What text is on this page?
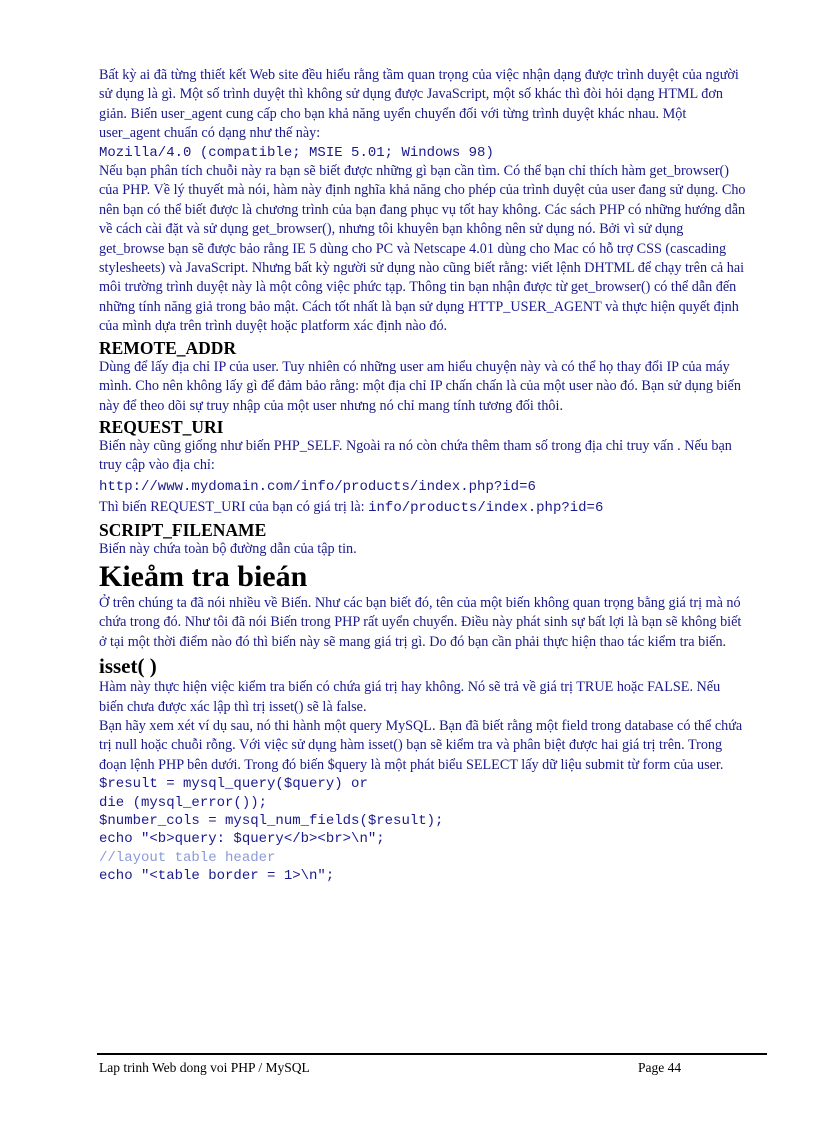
Bất kỳ ai đã từng thiết kết Web site đều hiểu rằng tầm quan trọng của việc nhận dạng được trình duyệt của người sử dụng là gì. Một số trình duyệt thì không sử dụng được JavaScript, một số khác thì đòi hỏi dạng HTML đơn giản. Biến user_agent cung cấp cho bạn khả năng uyển chuyển đối với từng trình duyệt khác nhau. Một user_agent chuẩn có dạng như thế này:

Mozilla/4.0 (compatible; MSIE 5.01; Windows 98)

Nếu bạn phân tích chuỗi này ra bạn sẽ biết được những gì bạn cần tìm. Có thể bạn chỉ thích hàm get_browser() của PHP. Về lý thuyết mà nói, hàm này định nghĩa khả năng cho phép của trình duyệt của user đang sử dụng. Cho nên bạn có thể biết được là chương trình của bạn đang phục vụ tốt hay không. Các sách PHP có những hướng dẫn về cách cài đặt và sử dụng get_browser(), nhưng tôi khuyên bạn không nên sử dụng nó. Bởi vì sử dụng get_browse bạn sẽ được bảo rằng IE 5 dùng cho PC và Netscape 4.01 dùng cho Mac có hỗ trợ CSS (cascading stylesheets) và JavaScript. Nhưng bất kỳ người sử dụng nào cũng biết rằng: viết lệnh DHTML để chạy trên cả hai môi trường trình duyệt này là một công việc phức tạp. Thông tin bạn nhận được từ get_browser() có thể dẫn đến những tính năng giả trong bảo mật. Cách tốt nhất là bạn sử dụng HTTP_USER_AGENT và thực hiện quyết định của mình dựa trên trình duyệt hoặc platform xác định nào đó.

REMOTE_ADDR

Dùng để lấy địa chỉ IP của user. Tuy nhiên có những user am hiểu chuyện này và có thể họ thay đổi IP của máy mình. Cho nên không lấy gì để đảm bảo rằng: một địa chỉ IP chấn chấn là của một user nào đó. Bạn sử dụng biến này để theo dõi sự truy nhập của một user nhưng nó chỉ mang tính tương đối thôi.

REQUEST_URI

Biến này cũng giống như biến PHP_SELF. Ngoài ra nó còn chứa thêm tham số trong địa chỉ truy vấn . Nếu bạn truy cập vào địa chỉ:

http://www.mydomain.com/info/products/index.php?id=6

Thì biến REQUEST_URI của bạn có giá trị là: info/products/index.php?id=6

SCRIPT_FILENAME

Biến này chứa toàn bộ đường dẫn của tập tin.

Kieåm tra bieán

Ở trên chúng ta đã nói nhiều về Biến. Như các bạn biết đó, tên của một biến không quan trọng bằng giá trị mà nó chứa trong đó. Như tôi đã nói Biến trong PHP rất uyển chuyển. Điều này phát sinh sự bất lợi là bạn sẽ không biết ở tại một thời điểm nào đó thì biến này sẽ mang giá trị gì. Do đó bạn cần phải thực hiện thao tác kiểm tra biến.

isset( )

Hàm này thực hiện việc kiểm tra biến có chứa giá trị hay không. Nó sẽ trả về giá trị TRUE hoặc FALSE. Nếu biến chưa được xác lập thì trị isset() sẽ là false.

Bạn hãy xem xét ví dụ sau, nó thi hành một query MySQL. Bạn đã biết rằng một field trong database có thể chứa trị null hoặc chuỗi rỗng. Với việc sử dụng hàm isset() bạn sẽ kiểm tra và phân biệt được hai giá trị trên. Trong đoạn lệnh PHP bên dưới. Trong đó biến $query là một phát biểu SELECT lấy dữ liệu submit từ form của user.

$result = mysql_query($query) or
die (mysql_error());
$number_cols = mysql_num_fields($result);
echo "<b>query: $query</b><br>\n";
//layout table header
echo "<table border = 1>\n";
Lap trinh Web dong voi PHP / MySQL	Page 44
